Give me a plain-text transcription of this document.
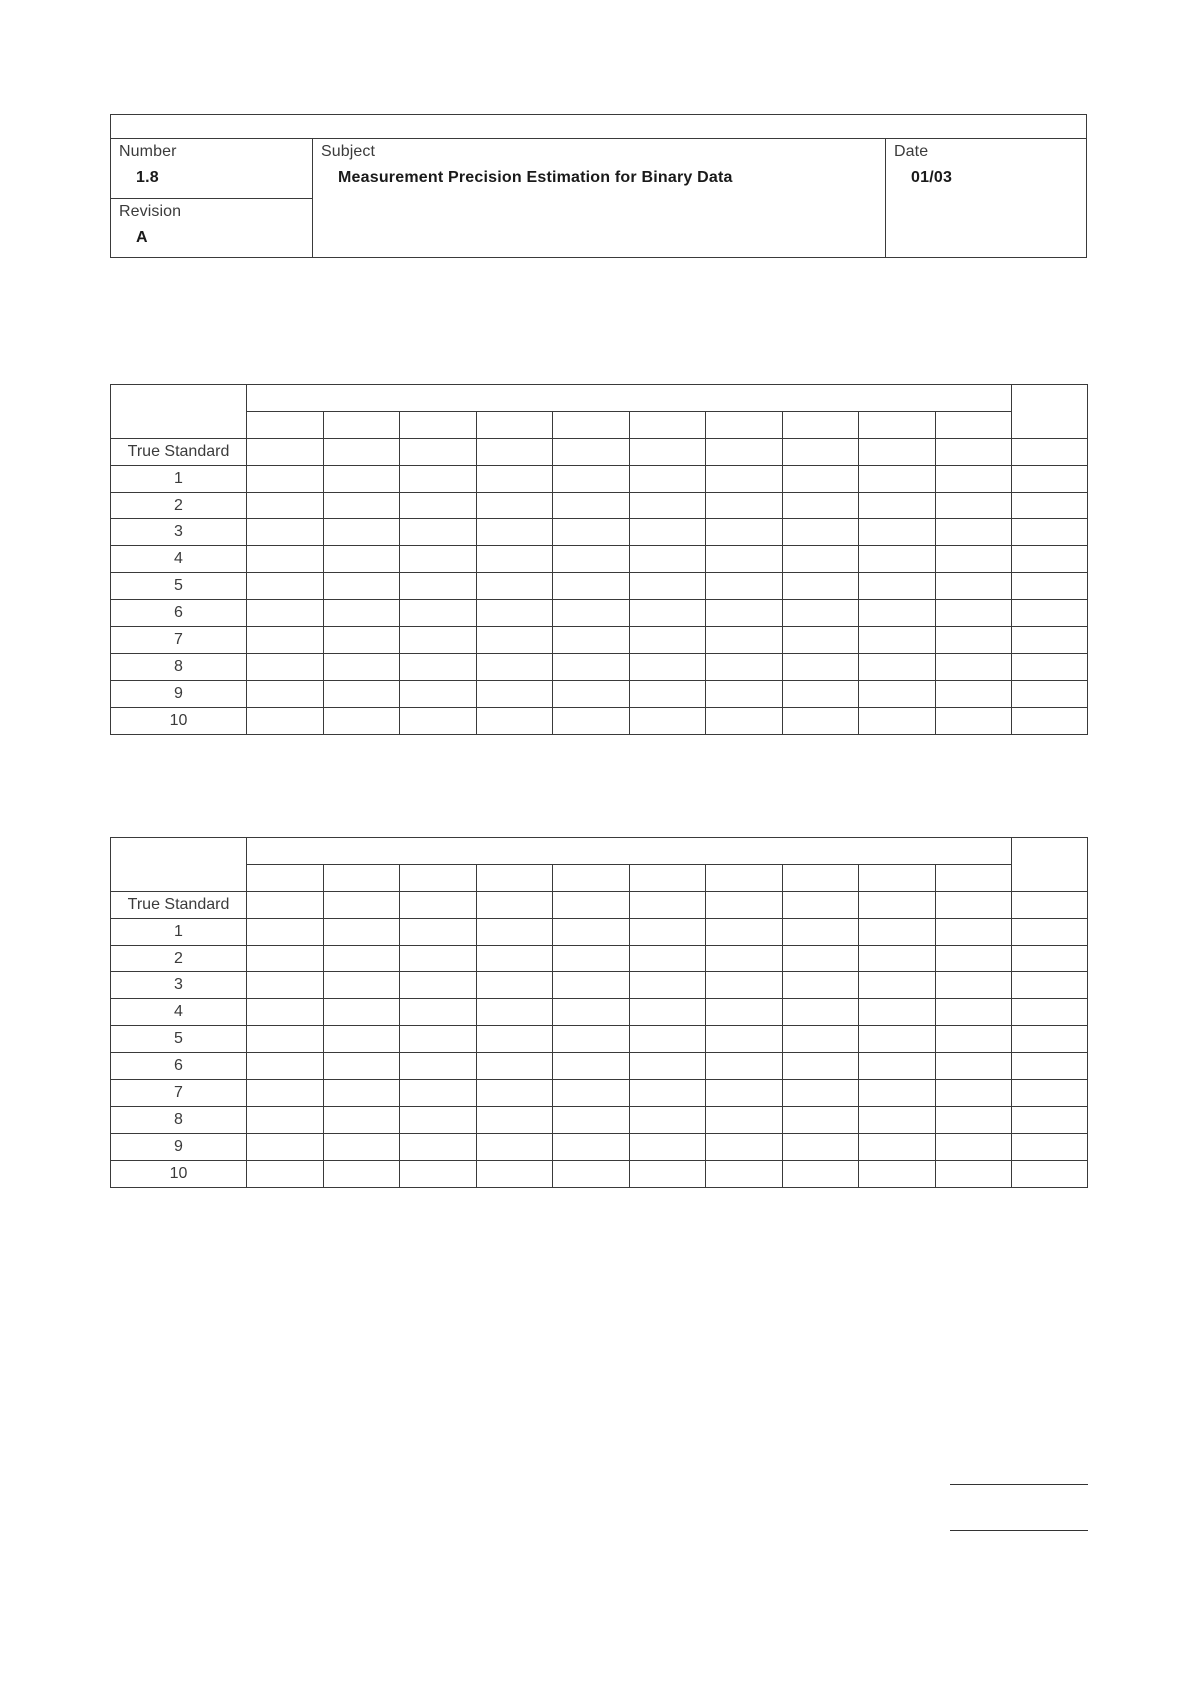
Number
1.8
Revision
A
Subject
Measurement Precision Estimation for Binary Data
Date
01/03

True Standard											
1											
2											
3											
4											
5											
6											
7											
8											
9											
10											

True Standard											
1											
2											
3											
4											
5											
6											
7											
8											
9											
10											
